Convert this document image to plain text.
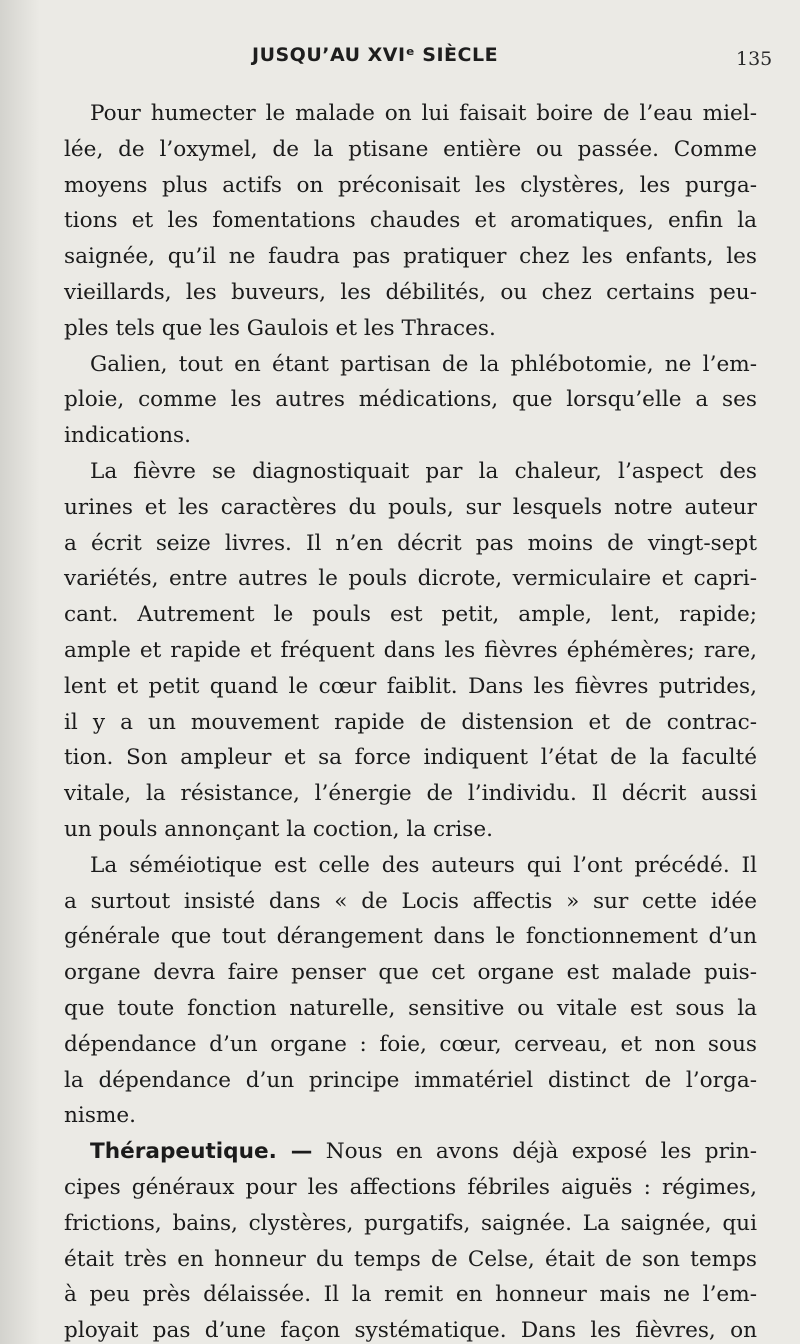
JUSQU’AU XVIᵉ SIÈCLE	135
Pour humecter le malade on lui faisait boire de l’eau miel-
lée, de l’oxymel, de la ptisane entière ou passée. Comme
moyens plus actifs on préconisait les clystères, les purga-
tions et les fomentations chaudes et aromatiques, enfin la
saignée, qu’il ne faudra pas pratiquer chez les enfants, les
vieillards, les buveurs, les débilités, ou chez certains peu-
ples tels que les Gaulois et les Thraces.
Galien, tout en étant partisan de la phlébotomie, ne l’em-
ploie, comme les autres médications, que lorsqu’elle a ses
indications.
La fièvre se diagnostiquait par la chaleur, l’aspect des
urines et les caractères du pouls, sur lesquels notre auteur
a écrit seize livres. Il n’en décrit pas moins de vingt-sept
variétés, entre autres le pouls dicrote, vermiculaire et capri-
cant. Autrement le pouls est petit, ample, lent, rapide;
ample et rapide et fréquent dans les fièvres éphémères; rare,
lent et petit quand le cœur faiblit. Dans les fièvres putrides,
il y a un mouvement rapide de distension et de contrac-
tion. Son ampleur et sa force indiquent l’état de la faculté
vitale, la résistance, l’énergie de l’individu. Il décrit aussi
un pouls annonçant la coction, la crise.
La séméiotique est celle des auteurs qui l’ont précédé. Il
a surtout insisté dans « de Locis affectis » sur cette idée
générale que tout dérangement dans le fonctionnement d’un
organe devra faire penser que cet organe est malade puis-
que toute fonction naturelle, sensitive ou vitale est sous la
dépendance d’un organe : foie, cœur, cerveau, et non sous
la dépendance d’un principe immatériel distinct de l’orga-
nisme.
Thérapeutique. — Nous en avons déjà exposé les prin-
cipes généraux pour les affections fébriles aiguës : régimes,
frictions, bains, clystères, purgatifs, saignée. La saignée, qui
était très en honneur du temps de Celse, était de son temps
à peu près délaissée. Il la remit en honneur mais ne l’em-
ployait pas d’une façon systématique. Dans les fièvres, on
